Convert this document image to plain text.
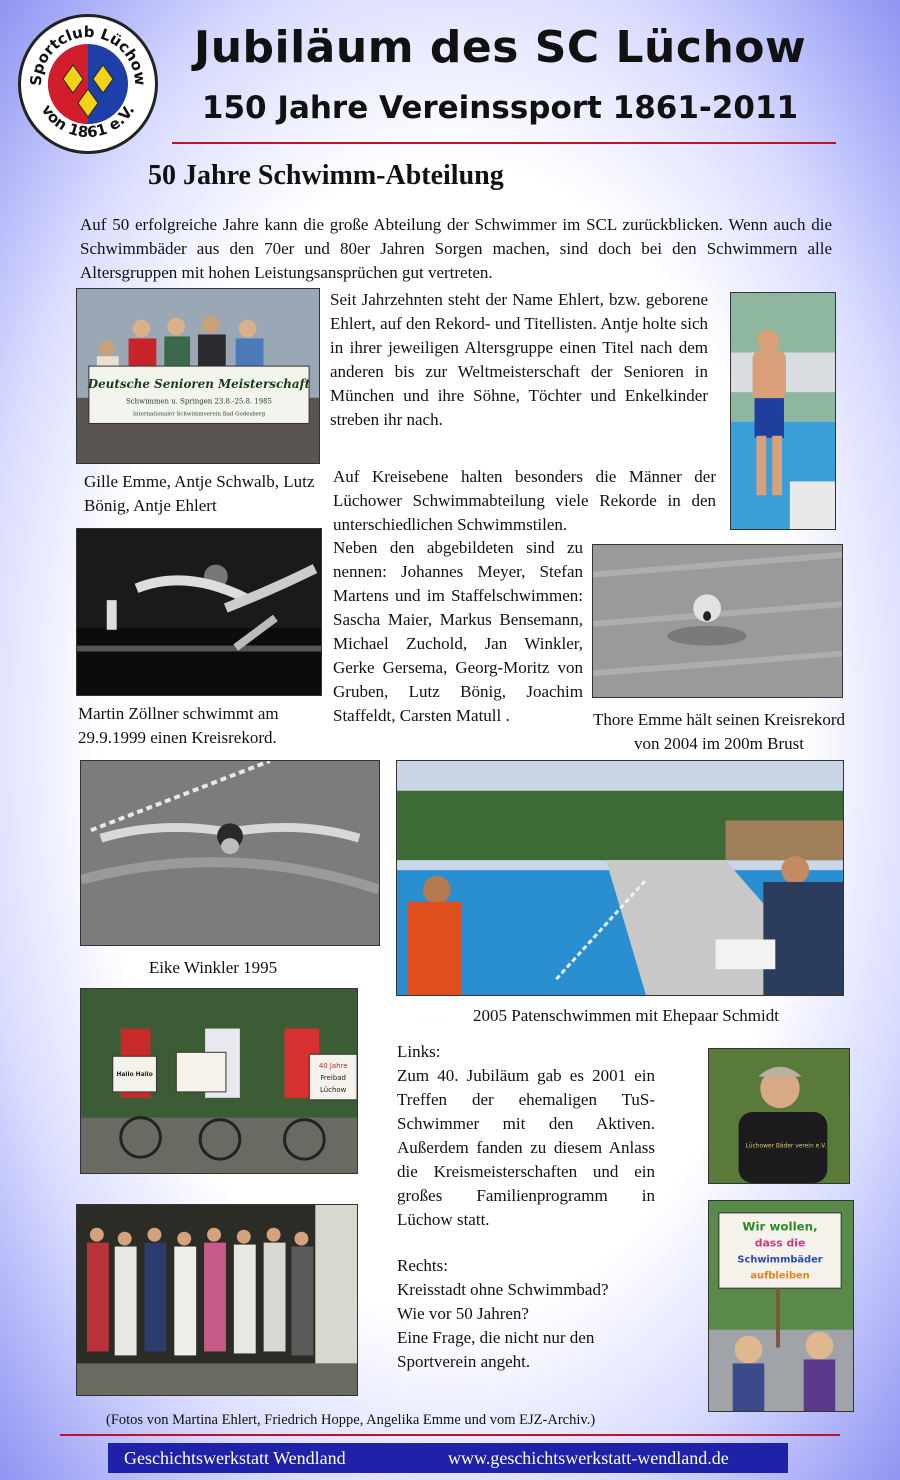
Sportclub Lüchow
von 1861 e.V.
Jubiläum des SC Lüchow
150 Jahre Vereinssport 1861-2011
50 Jahre Schwimm-Abteilung
Auf 50 erfolgreiche Jahre kann die große Abteilung der Schwimmer im SCL zurückblicken. Wenn auch die Schwimmbäder aus den 70er und 80er Jahren Sorgen machen, sind doch bei den Schwimmern alle Altersgruppen mit hohen Leistungsansprüchen gut vertreten.
Deutsche Senioren Meisterschaft
Schwimmen u. Springen 23.8.-25.8. 1985
Internationaler Schwimmverein Bad Godesberg
Gille Emme, Antje Schwalb, Lutz Bönig, Antje Ehlert
Seit Jahrzehnten steht der Name Ehlert, bzw. geborene Ehlert, auf den Rekord- und Titellisten. Antje holte sich in ihrer jeweiligen Altersgruppe einen Titel nach dem anderen bis zur Weltmeisterschaft der Senioren in München und ihre Söhne, Töchter und Enkelkinder streben ihr nach.
Auf Kreisebene halten besonders die Männer der Lüchower Schwimmabteilung viele Rekorde in den unterschiedlichen Schwimmstilen.
Martin Zöllner schwimmt am 29.9.1999 einen Kreisrekord.
Neben den abgebildeten sind zu nennen: Johannes Meyer, Stefan Martens und im Staffelschwimmen: Sascha Maier, Markus Bensemann, Michael Zuchold, Jan Winkler, Gerke Gersema, Georg-Moritz von Gruben, Lutz Bönig, Joachim Staffeldt, Carsten Matull .	Thore Emme hält seinen Kreisrekord von 2004 im 200m Brust
Eike Winkler 1995
2005 Patenschwimmen mit Ehepaar Schmidt
Hallo Hallo
40 Jahre
Freibad
Lüchow
Links:
Zum 40. Jubiläum gab es 2001 ein Treffen der ehemaligen TuS-Schwimmer mit den Aktiven. Außerdem fanden zu diesem Anlass die Kreismeisterschaften und ein großes Familienprogramm in Lüchow statt.
Lüchower Bäder verein e.V.
Rechts:
Kreisstadt ohne Schwimmbad?
Wie vor 50 Jahren?
Eine Frage, die nicht nur den
Sportverein angeht.
Wir wollen,
dass die
Schwimmbäder
aufbleiben
(Fotos von Martina Ehlert, Friedrich Hoppe, Angelika Emme und vom EJZ-Archiv.)
Geschichtswerkstatt Wendland	www.geschichtswerkstatt-wendland.de
